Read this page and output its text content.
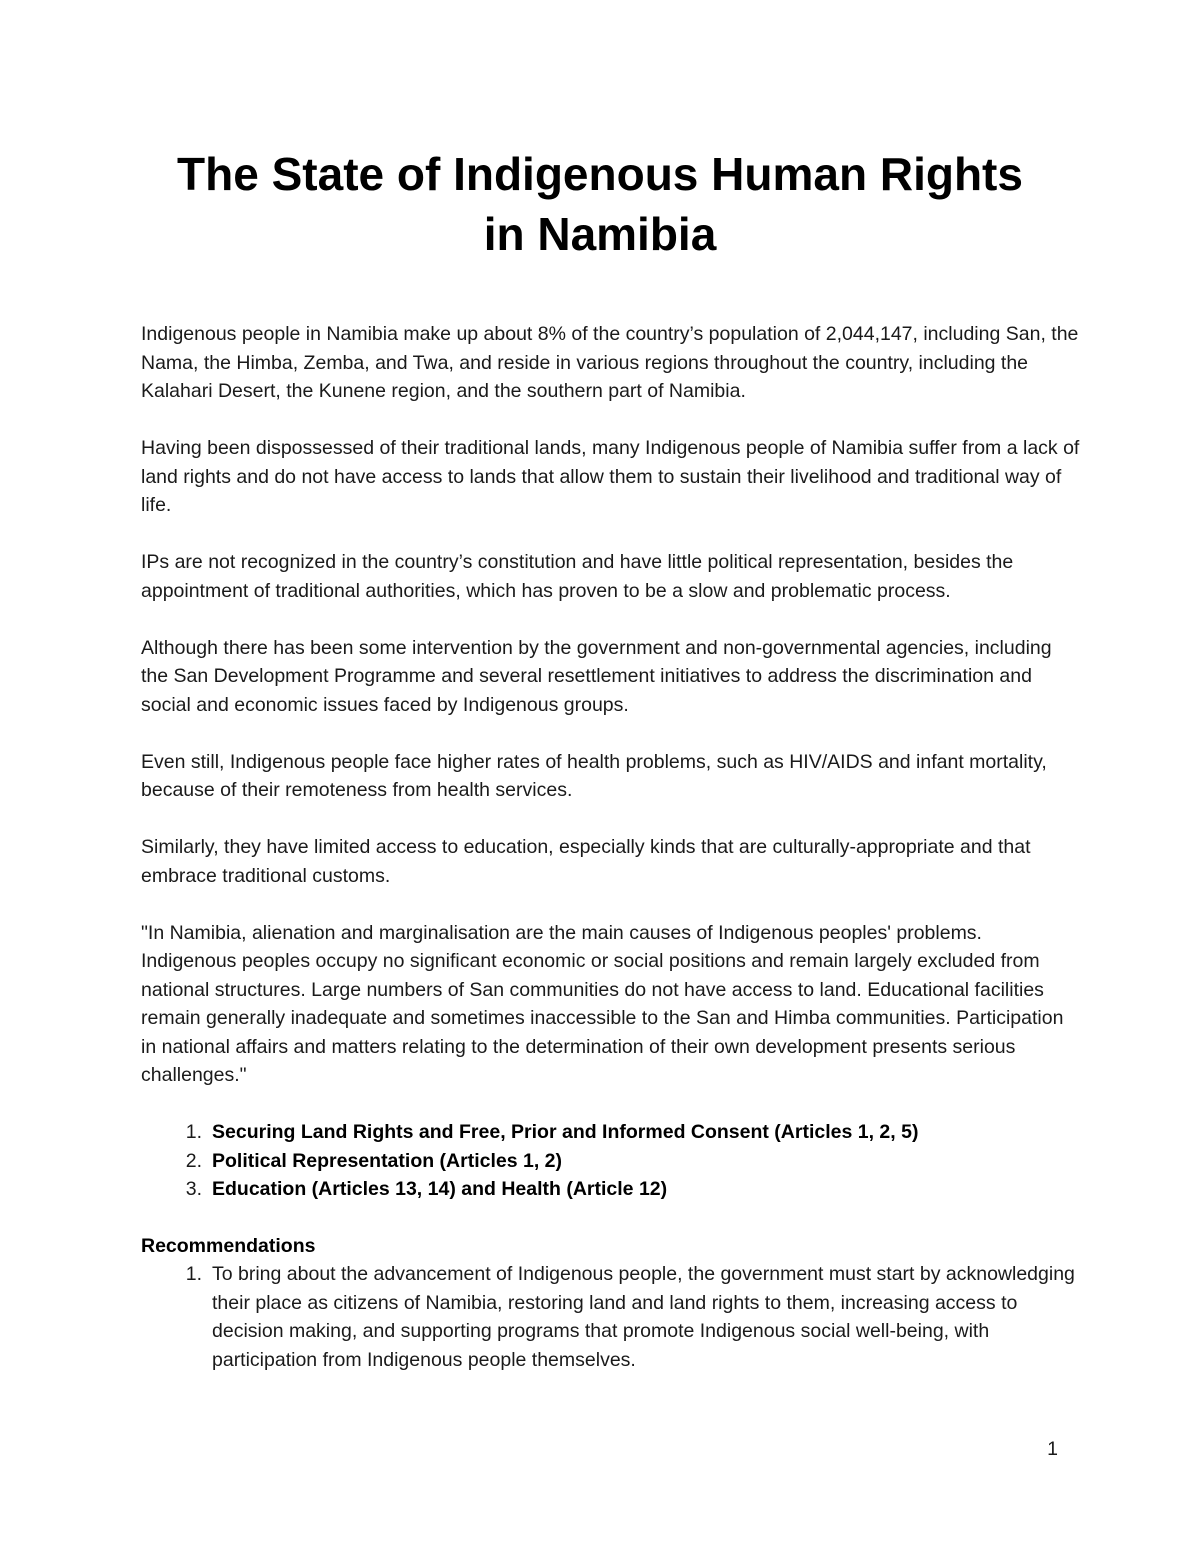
The State of Indigenous Human Rights
in Namibia

Indigenous people in Namibia make up about 8% of the country’s population of 2,044,147, including San, the Nama, the Himba, Zemba, and Twa, and reside in various regions throughout the country, including the Kalahari Desert, the Kunene region, and the southern part of Namibia.

Having been dispossessed of their traditional lands, many Indigenous people of Namibia suffer from a lack of land rights and do not have access to lands that allow them to sustain their livelihood and traditional way of life.

IPs are not recognized in the country’s constitution and have little political representation, besides the appointment of traditional authorities, which has proven to be a slow and problematic process.

Although there has been some intervention by the government and non-governmental agencies, including the San Development Programme and several resettlement initiatives to address the discrimination and social and economic issues faced by Indigenous groups.

Even still, Indigenous people face higher rates of health problems, such as HIV/AIDS and infant mortality, because of their remoteness from health services.

Similarly, they have limited access to education, especially kinds that are culturally-appropriate and that embrace traditional customs.

"In Namibia, alienation and marginalisation are the main causes of Indigenous peoples' problems. Indigenous peoples occupy no significant economic or social positions and remain largely excluded from national structures. Large numbers of San communities do not have access to land. Educational facilities remain generally inadequate and sometimes inaccessible to the San and Himba communities. Participation in national affairs and matters relating to the determination of their own development presents serious challenges."

1. Securing Land Rights and Free, Prior and Informed Consent (Articles 1, 2, 5)
2. Political Representation (Articles 1, 2)
3. Education (Articles 13, 14) and Health (Article 12)
Recommendations
1. To bring about the advancement of Indigenous people, the government must start by acknowledging their place as citizens of Namibia, restoring land and land rights to them, increasing access to decision making, and supporting programs that promote Indigenous social well-being, with participation from Indigenous people themselves.
1
